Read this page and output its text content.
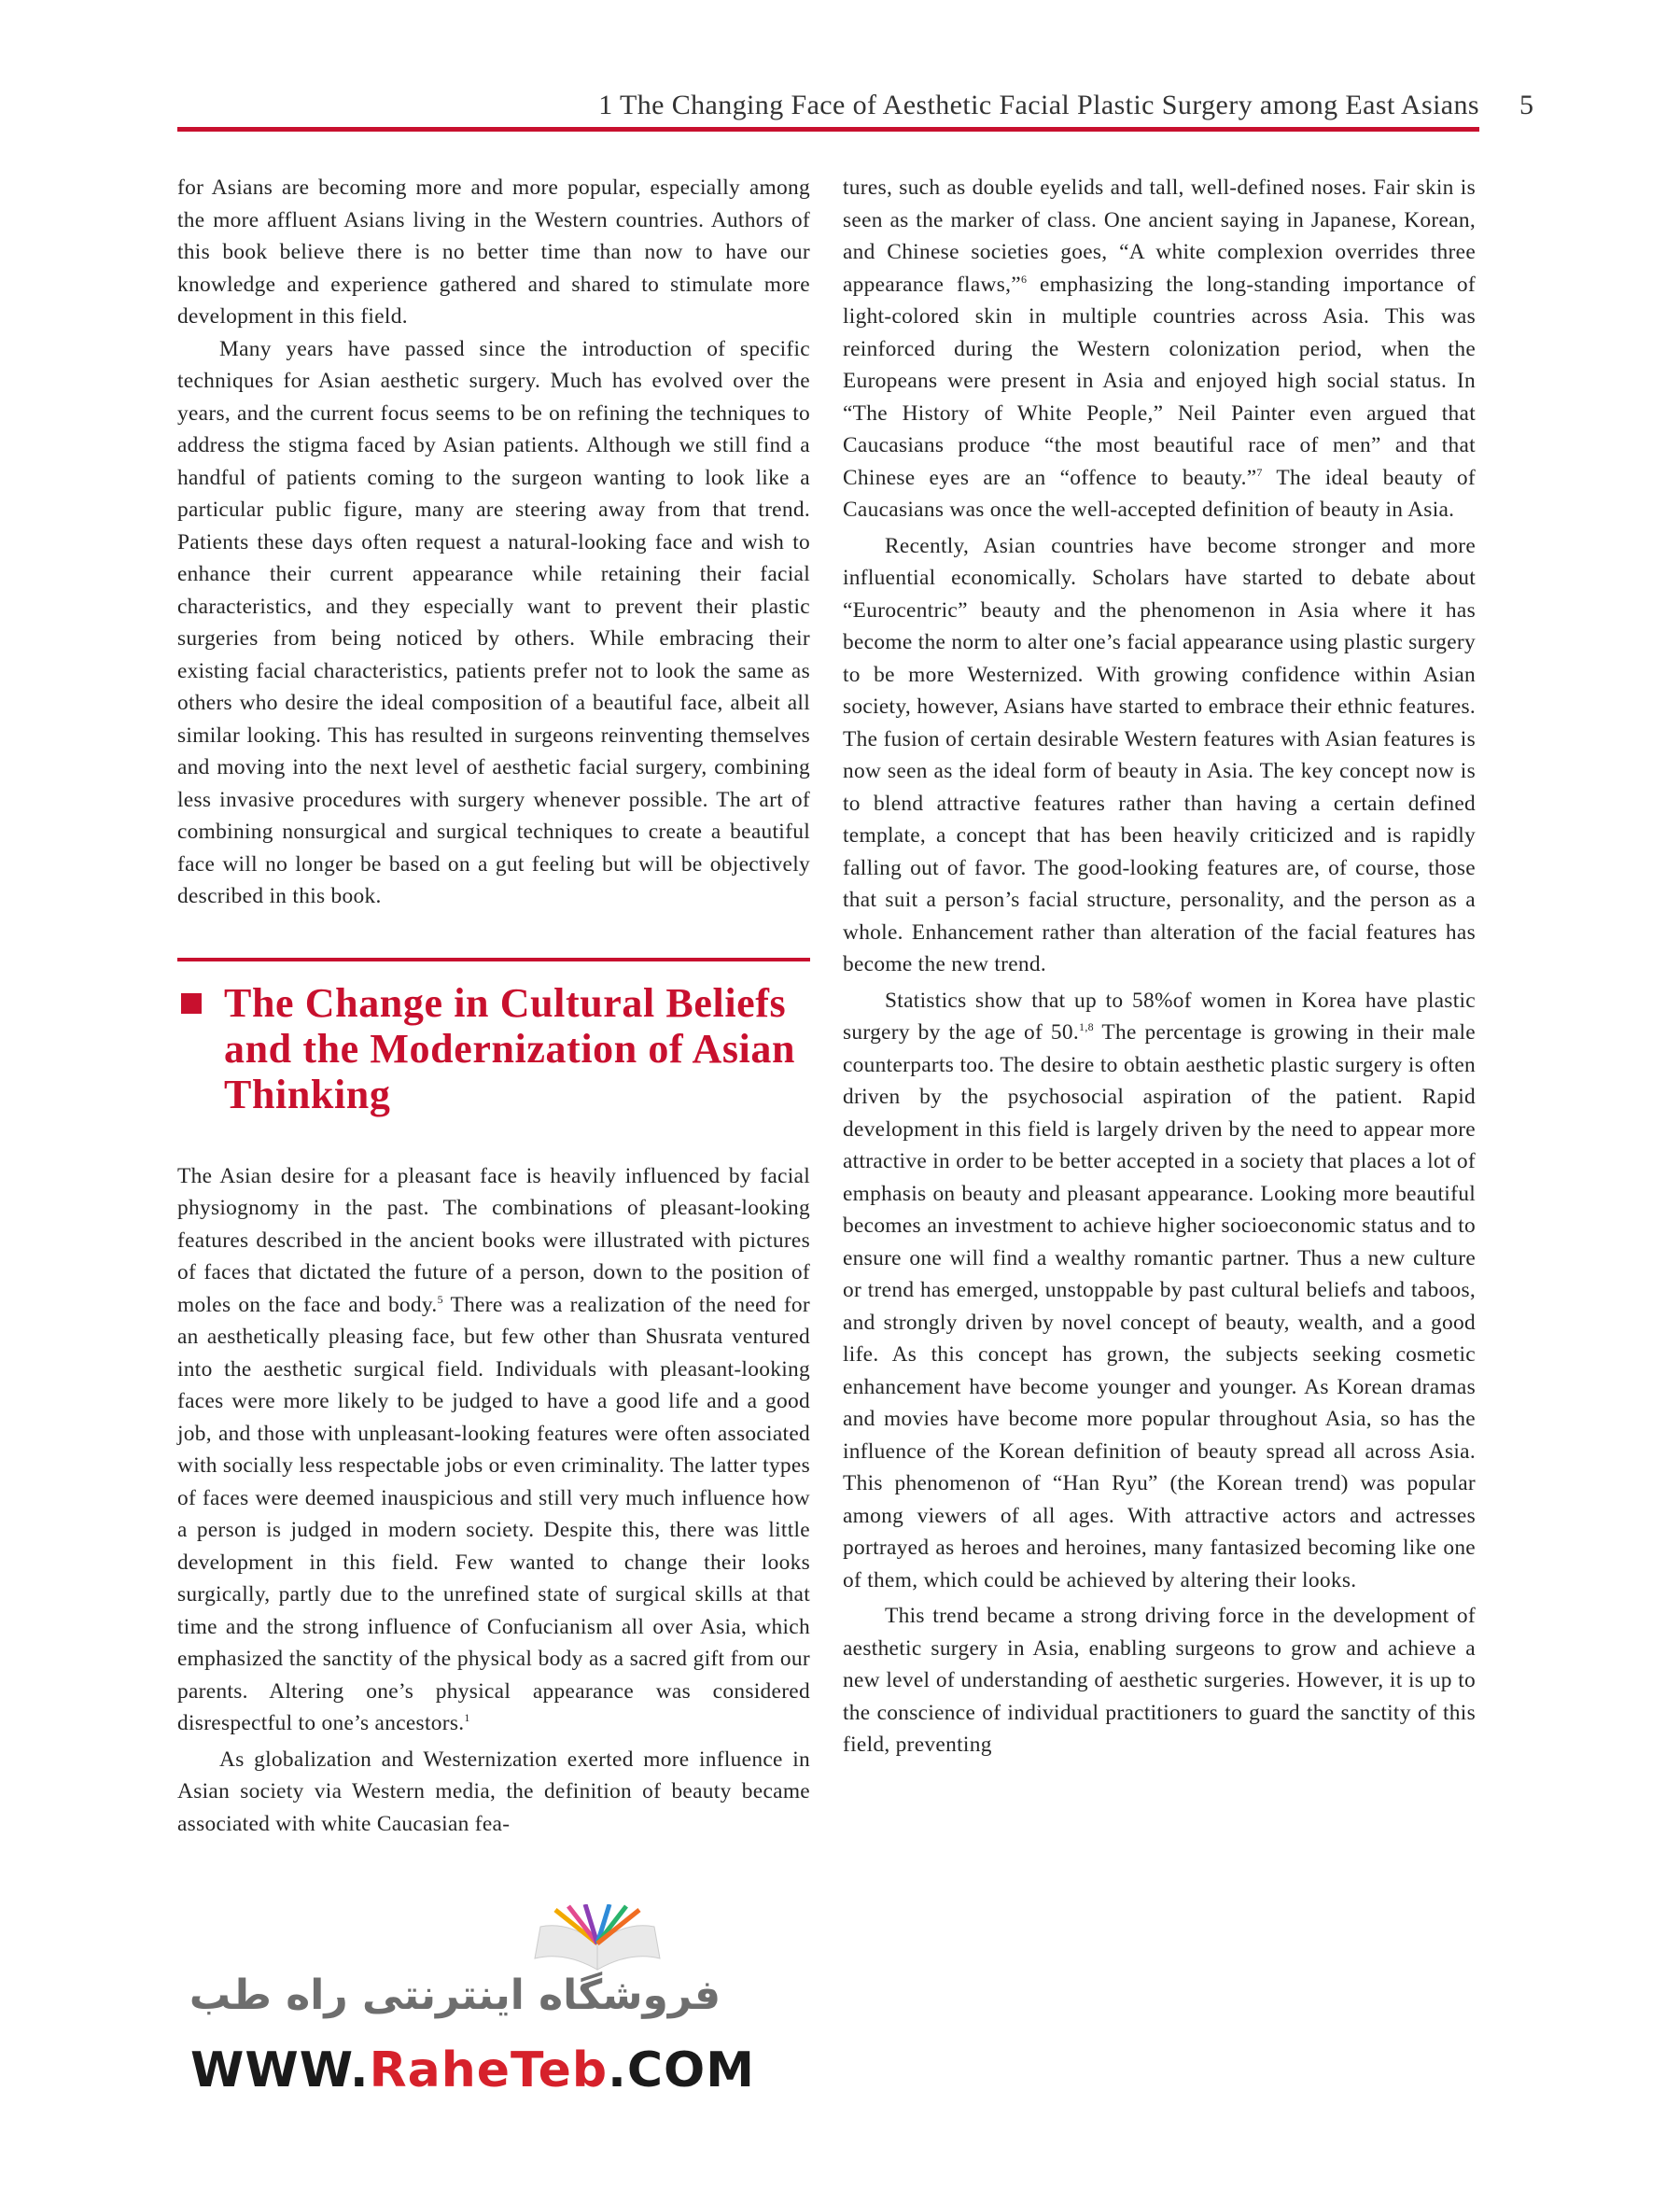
1 The Changing Face of Aesthetic Facial Plastic Surgery among East Asians 5

for Asians are becoming more and more popular, especially among the more affluent Asians living in the Western countries. Authors of this book believe there is no better time than now to have our knowledge and experience gathered and shared to stimulate more development in this field.

Many years have passed since the introduction of specific techniques for Asian aesthetic surgery. Much has evolved over the years, and the current focus seems to be on refining the techniques to address the stigma faced by Asian patients. Although we still find a handful of patients coming to the surgeon wanting to look like a particular public figure, many are steering away from that trend. Patients these days often request a natural-looking face and wish to enhance their current appearance while retaining their facial characteristics, and they especially want to prevent their plastic surgeries from being noticed by others. While embracing their existing facial characteristics, patients prefer not to look the same as others who desire the ideal composition of a beautiful face, albeit all similar looking. This has resulted in surgeons reinventing themselves and moving into the next level of aesthetic facial surgery, combining less invasive procedures with surgery whenever possible. The art of combining nonsurgical and surgical techniques to create a beautiful face will no longer be based on a gut feeling but will be objectively described in this book.

The Change in Cultural Beliefs and the Modernization of Asian Thinking

The Asian desire for a pleasant face is heavily influenced by facial physiognomy in the past. The combinations of pleasant-looking features described in the ancient books were illustrated with pictures of faces that dictated the future of a person, down to the position of moles on the face and body.$^5$ There was a realization of the need for an aesthetically pleasing face, but few other than Shusrata ventured into the aesthetic surgical field. Individuals with pleasant-looking faces were more likely to be judged to have a good life and a good job, and those with unpleasant-looking features were often associated with socially less respectable jobs or even criminality. The latter types of faces were deemed inauspicious and still very much influence how a person is judged in modern society. Despite this, there was little development in this field. Few wanted to change their looks surgically, partly due to the unrefined state of surgical skills at that time and the strong influence of Confucianism all over Asia, which emphasized the sanctity of the physical body as a sacred gift from our parents. Altering one’s physical appearance was considered disrespectful to one’s ancestors.$^1$

As globalization and Westernization exerted more influence in Asian society via Western media, the definition of beauty became associated with white Caucasian fea-

tures, such as double eyelids and tall, well-defined noses. Fair skin is seen as the marker of class. One ancient saying in Japanese, Korean, and Chinese societies goes, “A white complexion overrides three appearance flaws,”$^6$ emphasizing the long-standing importance of light-colored skin in multiple countries across Asia. This was reinforced during the Western colonization period, when the Europeans were present in Asia and enjoyed high social status. In “The History of White People,” Neil Painter even argued that Caucasians produce “the most beautiful race of men” and that Chinese eyes are an “offence to beauty.”$^7$ The ideal beauty of Caucasians was once the well-accepted definition of beauty in Asia.

Recently, Asian countries have become stronger and more influential economically. Scholars have started to debate about “Eurocentric” beauty and the phenomenon in Asia where it has become the norm to alter one’s facial appearance using plastic surgery to be more Westernized. With growing confidence within Asian society, however, Asians have started to embrace their ethnic features. The fusion of certain desirable Western features with Asian features is now seen as the ideal form of beauty in Asia. The key concept now is to blend attractive features rather than having a certain defined template, a concept that has been heavily criticized and is rapidly falling out of favor. The good-looking features are, of course, those that suit a person’s facial structure, personality, and the person as a whole. Enhancement rather than alteration of the facial features has become the new trend.

Statistics show that up to 58%of women in Korea have plastic surgery by the age of 50.$^{1,8}$ The percentage is growing in their male counterparts too. The desire to obtain aesthetic plastic surgery is often driven by the psychosocial aspiration of the patient. Rapid development in this field is largely driven by the need to appear more attractive in order to be better accepted in a society that places a lot of emphasis on beauty and pleasant appearance. Looking more beautiful becomes an investment to achieve higher socioeconomic status and to ensure one will find a wealthy romantic partner. Thus a new culture or trend has emerged, unstoppable by past cultural beliefs and taboos, and strongly driven by novel concept of beauty, wealth, and a good life. As this concept has grown, the subjects seeking cosmetic enhancement have become younger and younger. As Korean dramas and movies have become more popular throughout Asia, so has the influence of the Korean definition of beauty spread all across Asia. This phenomenon of “Han Ryu” (the Korean trend) was popular among viewers of all ages. With attractive actors and actresses portrayed as heroes and heroines, many fantasized becoming like one of them, which could be achieved by altering their looks.

This trend became a strong driving force in the development of aesthetic surgery in Asia, enabling surgeons to grow and achieve a new level of understanding of aesthetic surgeries. However, it is up to the conscience of individual practitioners to guard the sanctity of this field, preventing

فروشگاه اینترنتی راه طب
WWW.RaheTeb.COM
